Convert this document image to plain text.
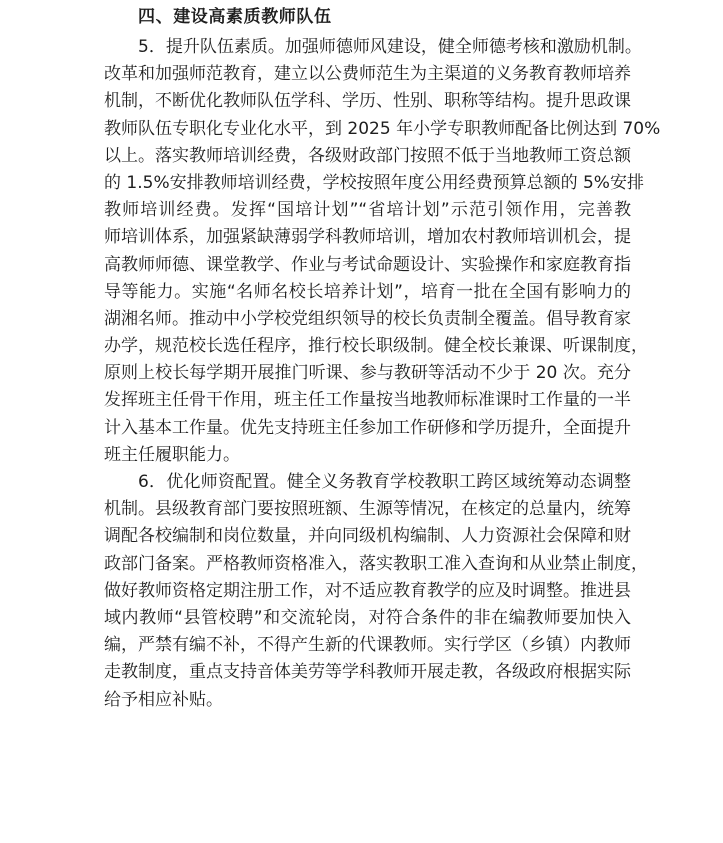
四、建设高素质教师队伍
5．提升队伍素质。加强师德师风建设，健全师德考核和激励机制。
改革和加强师范教育，建立以公费师范生为主渠道的义务教育教师培养
机制，不断优化教师队伍学科、学历、性别、职称等结构。提升思政课
教师队伍专职化专业化水平，到 2025 年小学专职教师配备比例达到 70%
以上。落实教师培训经费，各级财政部门按照不低于当地教师工资总额
的 1.5%安排教师培训经费，学校按照年度公用经费预算总额的 5%安排
教师培训经费。发挥“国培计划”“省培计划”示范引领作用，完善教
师培训体系，加强紧缺薄弱学科教师培训，增加农村教师培训机会，提
高教师师德、课堂教学、作业与考试命题设计、实验操作和家庭教育指
导等能力。实施“名师名校长培养计划”，培育一批在全国有影响力的
湖湘名师。推动中小学校党组织领导的校长负责制全覆盖。倡导教育家
办学，规范校长选任程序，推行校长职级制。健全校长兼课、听课制度，
原则上校长每学期开展推门听课、参与教研等活动不少于 20 次。充分
发挥班主任骨干作用，班主任工作量按当地教师标准课时工作量的一半
计入基本工作量。优先支持班主任参加工作研修和学历提升，全面提升
班主任履职能力。
6．优化师资配置。健全义务教育学校教职工跨区域统筹动态调整
机制。县级教育部门要按照班额、生源等情况，在核定的总量内，统筹
调配各校编制和岗位数量，并向同级机构编制、人力资源社会保障和财
政部门备案。严格教师资格准入，落实教职工准入查询和从业禁止制度，
做好教师资格定期注册工作，对不适应教育教学的应及时调整。推进县
域内教师“县管校聘”和交流轮岗，对符合条件的非在编教师要加快入
编，严禁有编不补，不得产生新的代课教师。实行学区（乡镇）内教师
走教制度，重点支持音体美劳等学科教师开展走教，各级政府根据实际
给予相应补贴。
